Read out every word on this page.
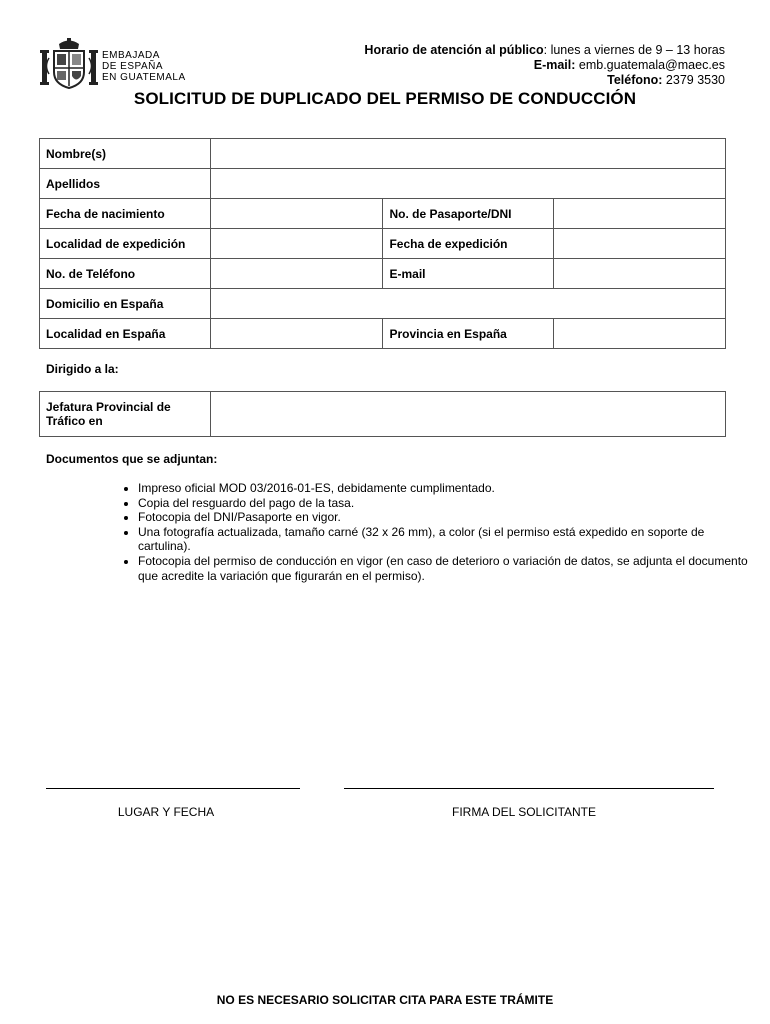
EMBAJADA
DE ESPAÑA
EN GUATEMALA
Horario de atención al público: lunes a viernes de 9 – 13 horas
E-mail: emb.guatemala@maec.es
Teléfono: 2379 3530
SOLICITUD DE DUPLICADO DEL PERMISO DE CONDUCCIÓN
Nombre(s)			
Apellidos			
Fecha de nacimiento		No. de Pasaporte/DNI	
Localidad de expedición		Fecha de expedición	
No. de Teléfono		E-mail	
Domicilio en España			
Localidad en España		Provincia en España	
Dirigido a la:
Jefatura Provincial de
Tráfico en	
Documentos que se adjuntan:
• Impreso oficial MOD 03/2016-01-ES, debidamente cumplimentado.
• Copia del resguardo del pago de la tasa.
• Fotocopia del DNI/Pasaporte en vigor.
• Una fotografía actualizada, tamaño carné (32 x 26 mm), a color (si el permiso está expedido en soporte de cartulina).
• Fotocopia del permiso de conducción en vigor (en caso de deterioro o variación de datos, se adjunta el documento que acredite la variación que figurarán en el permiso).
LUGAR Y FECHA	FIRMA DEL SOLICITANTE
NO ES NECESARIO SOLICITAR CITA PARA ESTE TRÁMITE
